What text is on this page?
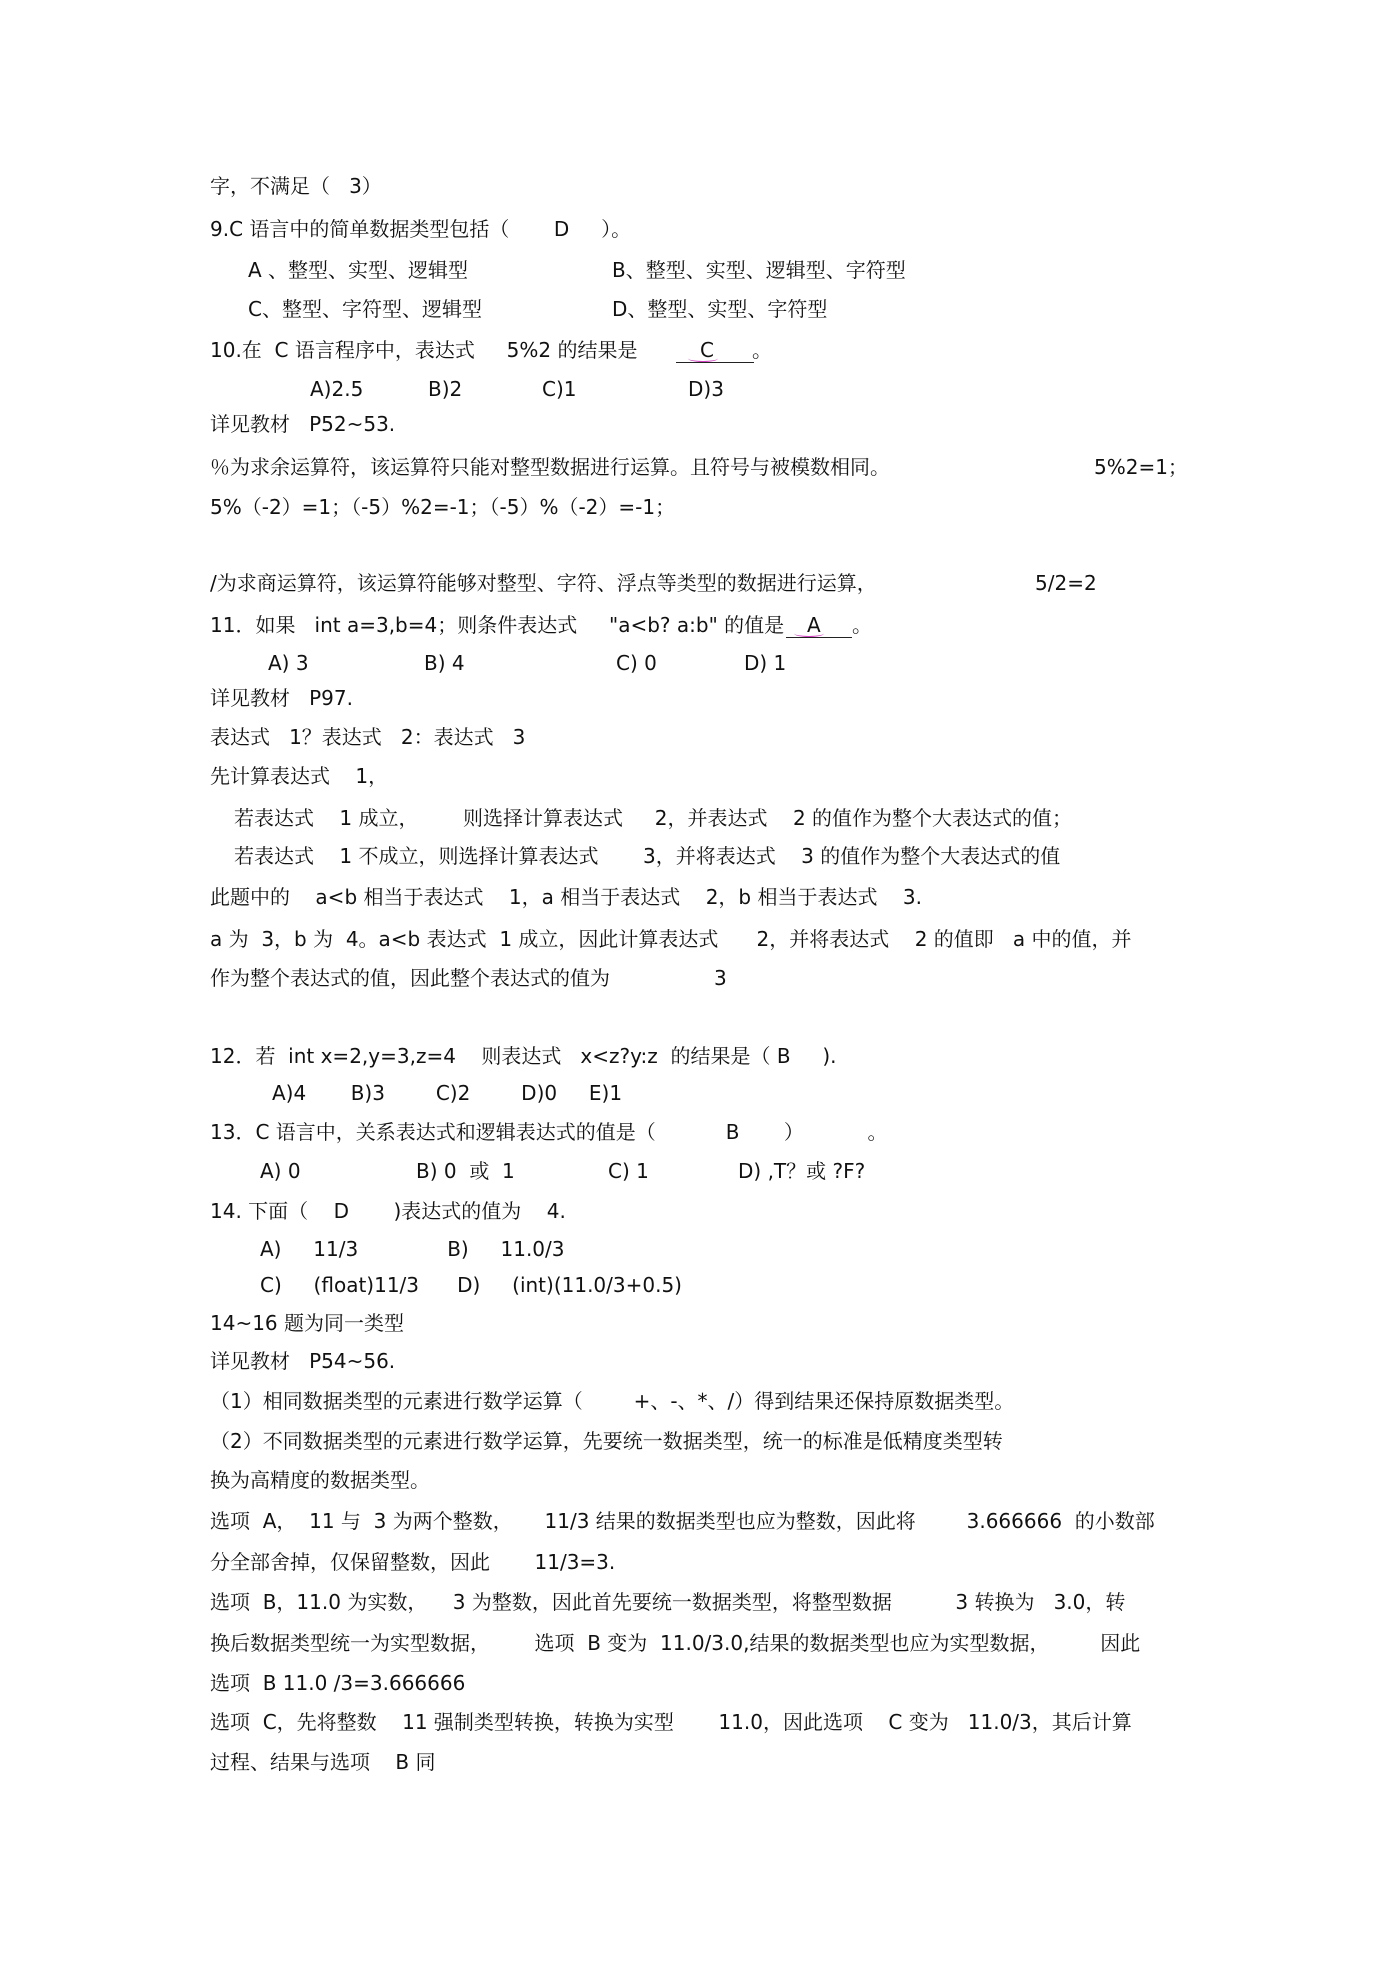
字，不满足（   3）
9.C 语言中的简单数据类型包括（       D     ）。
A 、整型、实型、逻辑型	B、整型、实型、逻辑型、字符型
C、整型、字符型、逻辑型	D、整型、实型、字符型
10.在  C 语言程序中，表达式     5%2 的结果是	C 。
A)2.5	B)2	C)1	D)3
详见教材   P52~53.
％为求余运算符，该运算符只能对整型数据进行运算。且符号与被模数相同。	5%2=1；
5%（-2）=1；（-5）%2=-1；（-5）%（-2）=-1；
/为求商运算符，该运算符能够对整型、字符、浮点等类型的数据进行运算，	5/2=2
11．如果   int a=3,b=4；则条件表达式     "a<b? a:b" 的值是 A 。
A) 3	B) 4	C) 0	D) 1
详见教材   P97.
表达式   1？表达式   2：表达式   3
先计算表达式    1，
若表达式    1 成立，       则选择计算表达式     2，并表达式    2 的值作为整个大表达式的值；
若表达式    1 不成立，则选择计算表达式       3，并将表达式    3 的值作为整个大表达式的值
此题中的    a<b 相当于表达式    1，a 相当于表达式    2，b 相当于表达式    3.
a 为  3，b 为  4。a<b 表达式  1 成立，因此计算表达式      2，并将表达式    2 的值即   a 中的值，并
作为整个表达式的值，因此整个表达式的值为	3
12．若  int x=2,y=3,z=4    则表达式   x<z?y:z  的结果是（ B     ).
A)4       B)3        C)2        D)0     E)1
13．C 语言中，关系表达式和逻辑表达式的值是（           B       ）          。
A) 0	B) 0  或  1	C) 1	D) ‚T？或 ?F?
14. 下面（    D       )表达式的值为    4.
A)     11/3              B)     11.0/3
C)     (float)11/3      D)     (int)(11.0/3+0.5)
14~16 题为同一类型
详见教材   P54~56.
（1）相同数据类型的元素进行数学运算（        +、-、*、/）得到结果还保持原数据类型。
（2）不同数据类型的元素进行数学运算，先要统一数据类型，统一的标准是低精度类型转
换为高精度的数据类型。
选项  A，  11 与  3 为两个整数，     11/3 结果的数据类型也应为整数，因此将        3.666666  的小数部
分全部舍掉，仅保留整数，因此       11/3=3.
选项  B，11.0 为实数，    3 为整数，因此首先要统一数据类型，将整型数据          3 转换为   3.0，转
换后数据类型统一为实型数据，       选项  B 变为  11.0/3.0,结果的数据类型也应为实型数据，        因此
选项  B 11.0 /3=3.666666
选项  C，先将整数    11 强制类型转换，转换为实型       11.0，因此选项    C 变为   11.0/3，其后计算
过程、结果与选项    B 同
